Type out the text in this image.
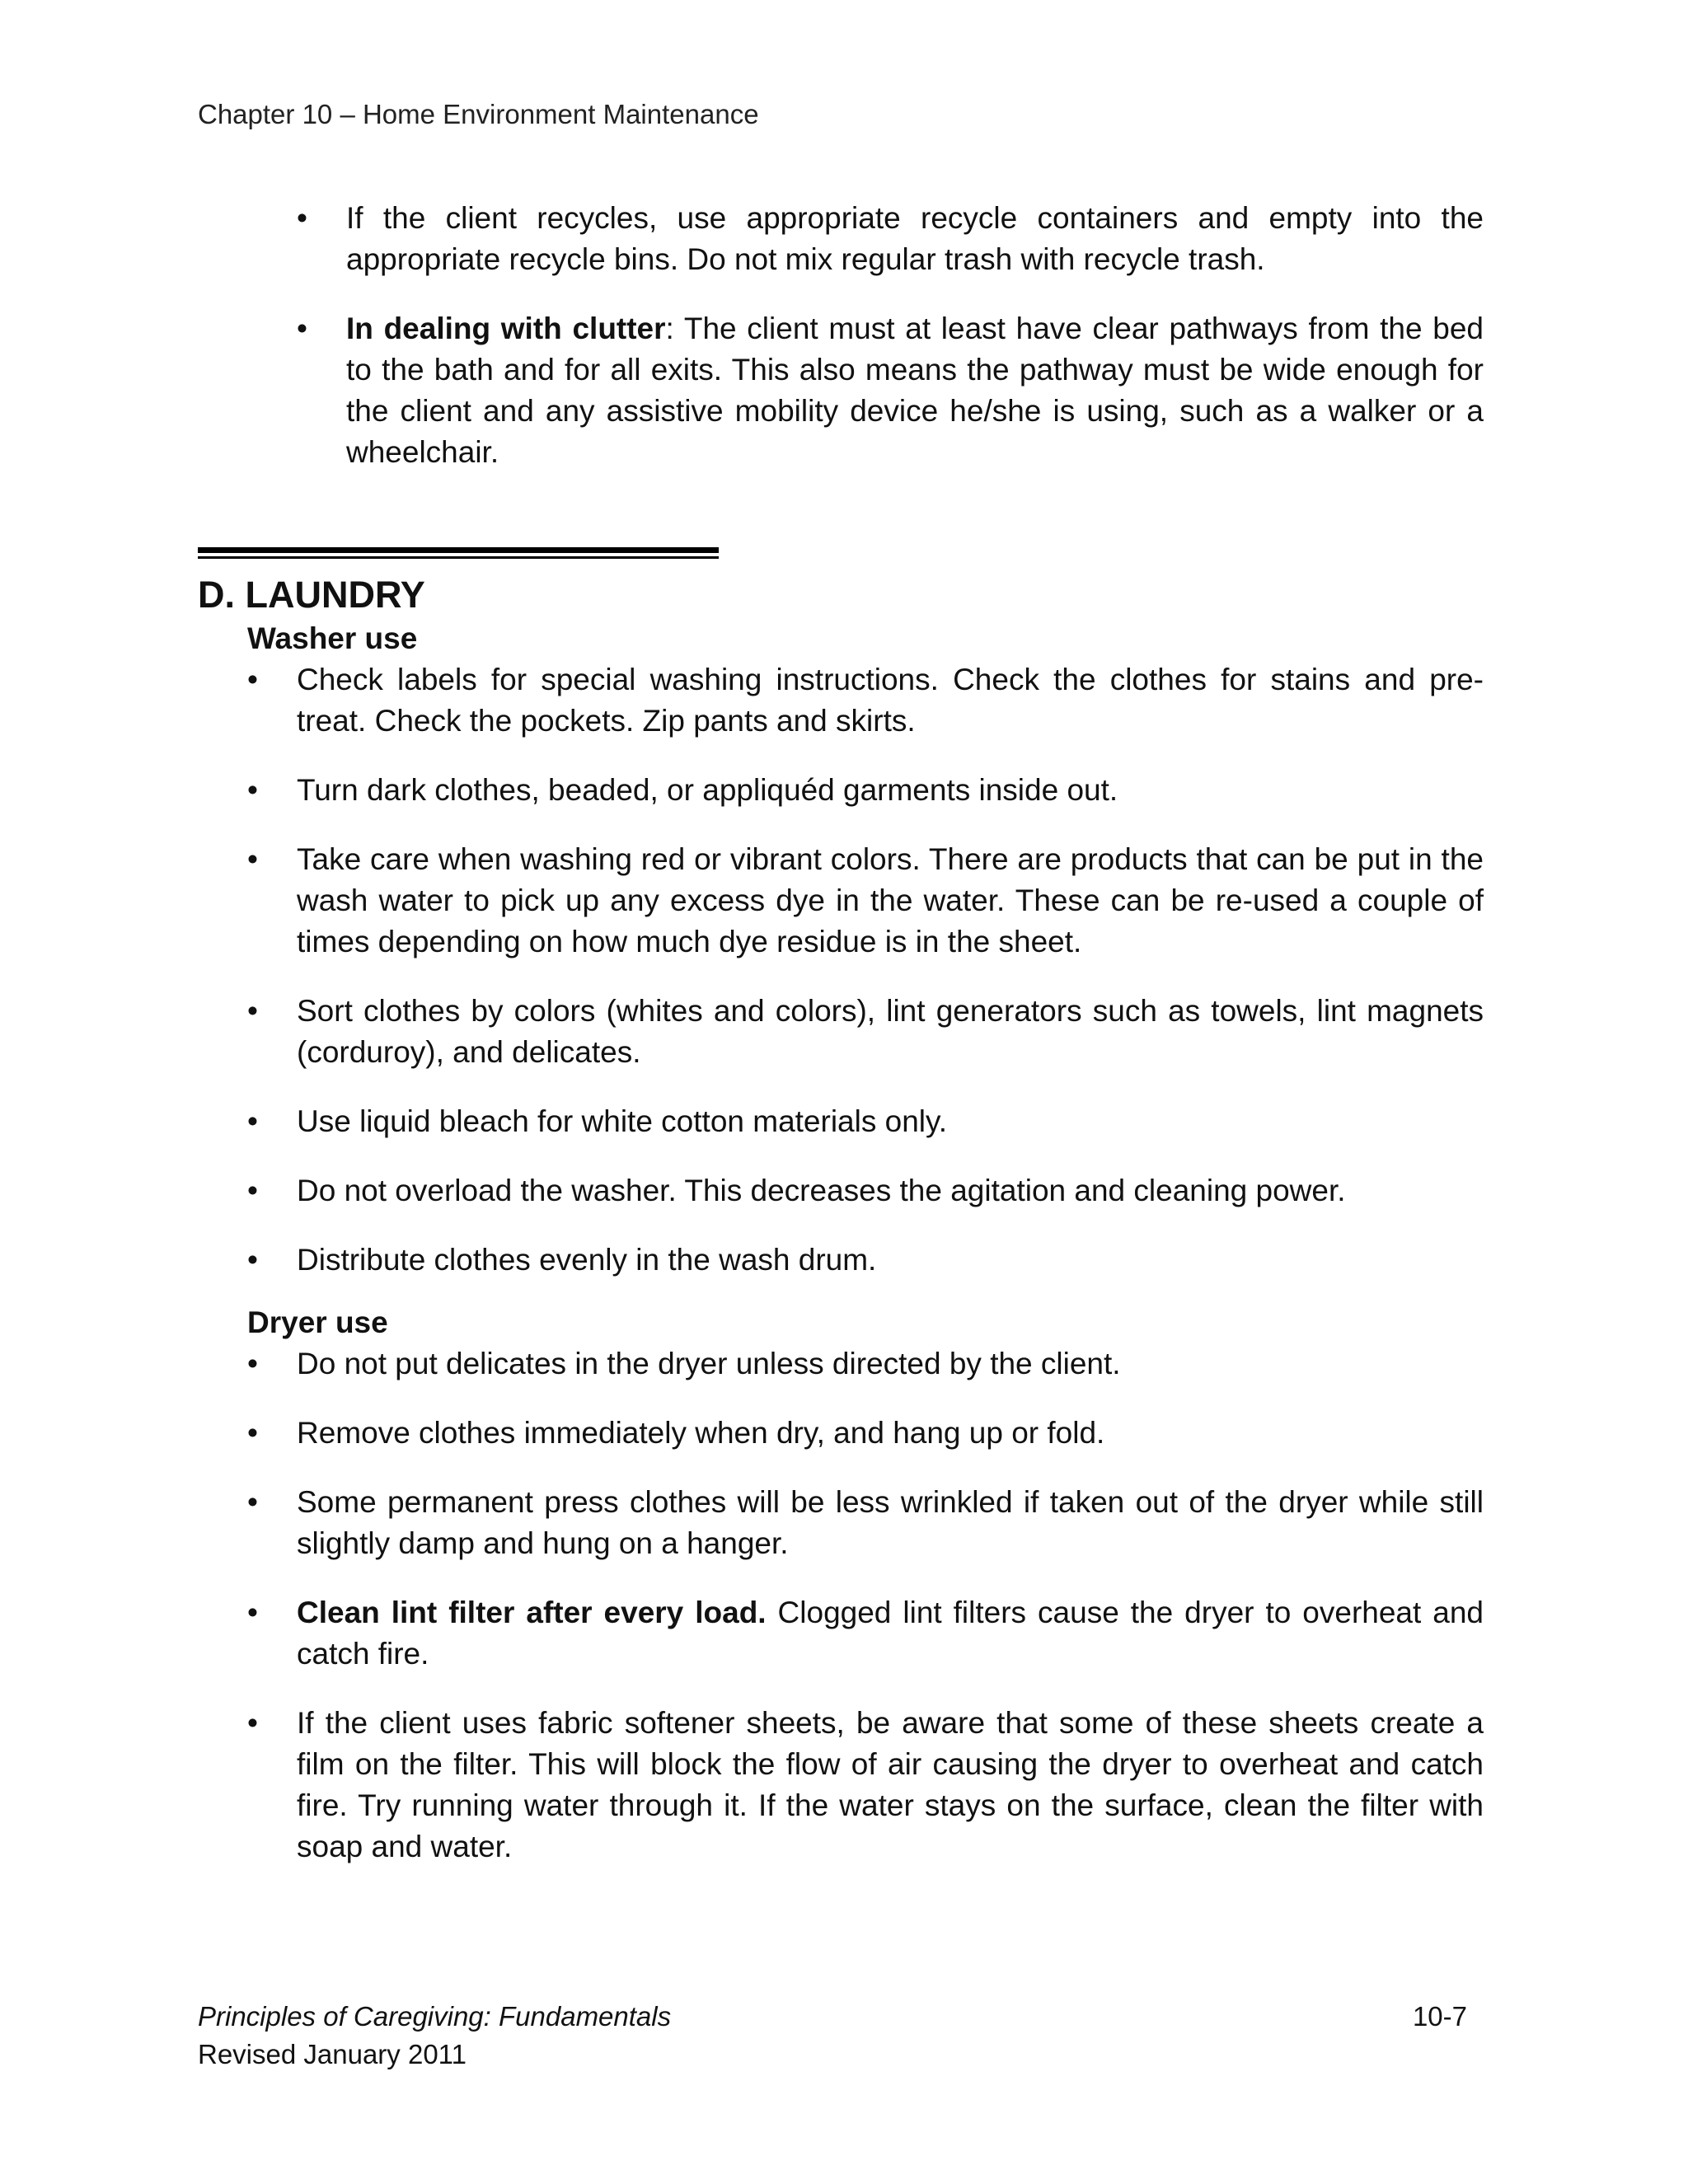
Chapter 10 – Home Environment Maintenance
• If the client recycles, use appropriate recycle containers and empty into the appropriate recycle bins. Do not mix regular trash with recycle trash.
• In dealing with clutter: The client must at least have clear pathways from the bed to the bath and for all exits. This also means the pathway must be wide enough for the client and any assistive mobility device he/she is using, such as a walker or a wheelchair.
D. LAUNDRY
Washer use
• Check labels for special washing instructions. Check the clothes for stains and pre-treat. Check the pockets. Zip pants and skirts.
• Turn dark clothes, beaded, or appliquéd garments inside out.
• Take care when washing red or vibrant colors. There are products that can be put in the wash water to pick up any excess dye in the water. These can be re-used a couple of times depending on how much dye residue is in the sheet.
• Sort clothes by colors (whites and colors), lint generators such as towels, lint magnets (corduroy), and delicates.
• Use liquid bleach for white cotton materials only.
• Do not overload the washer. This decreases the agitation and cleaning power.
• Distribute clothes evenly in the wash drum.
Dryer use
• Do not put delicates in the dryer unless directed by the client.
• Remove clothes immediately when dry, and hang up or fold.
• Some permanent press clothes will be less wrinkled if taken out of the dryer while still slightly damp and hung on a hanger.
• Clean lint filter after every load. Clogged lint filters cause the dryer to overheat and catch fire.
• If the client uses fabric softener sheets, be aware that some of these sheets create a film on the filter. This will block the flow of air causing the dryer to overheat and catch fire. Try running water through it. If the water stays on the surface, clean the filter with soap and water.
Principles of Caregiving: Fundamentals
Revised January 2011
10-7
